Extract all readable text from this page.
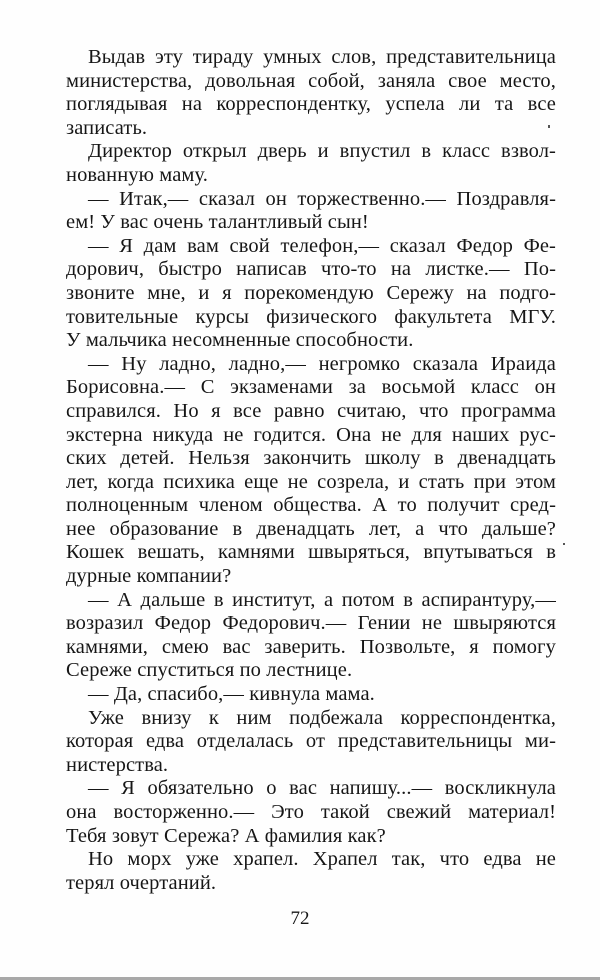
Выдав эту тираду умных слов, представительница
министерства, довольная собой, заняла свое место,
поглядывая на корреспондентку, успела ли та все
записать.
Директор открыл дверь и впустил в класс взвол-
нованную маму.
— Итак,— сказал он торжественно.— Поздравля-
ем! У вас очень талантливый сын!
— Я дам вам свой телефон,— сказал Федор Фе-
дорович, быстро написав что-то на листке.— По-
звоните мне, и я порекомендую Сережу на подго-
товительные курсы физического факультета МГУ.
У мальчика несомненные способности.
— Ну ладно, ладно,— негромко сказала Ираида
Борисовна.— С экзаменами за восьмой класс он
справился. Но я все равно считаю, что программа
экстерна никуда не годится. Она не для наших рус-
ских детей. Нельзя закончить школу в двенадцать
лет, когда психика еще не созрела, и стать при этом
полноценным членом общества. А то получит сред-
нее образование в двенадцать лет, а что дальше?
Кошек вешать, камнями швыряться, впутываться в
дурные компании?
— А дальше в институт, а потом в аспирантуру,—
возразил Федор Федорович.— Гении не швыряются
камнями, смею вас заверить. Позвольте, я помогу
Сереже спуститься по лестнице.
— Да, спасибо,— кивнула мама.
Уже внизу к ним подбежала корреспондентка,
которая едва отделалась от представительницы ми-
нистерства.
— Я обязательно о вас напишу...— воскликнула
она восторженно.— Это такой свежий материал!
Тебя зовут Сережа? А фамилия как?
Но морх уже храпел. Храпел так, что едва не
терял очертаний.
72
